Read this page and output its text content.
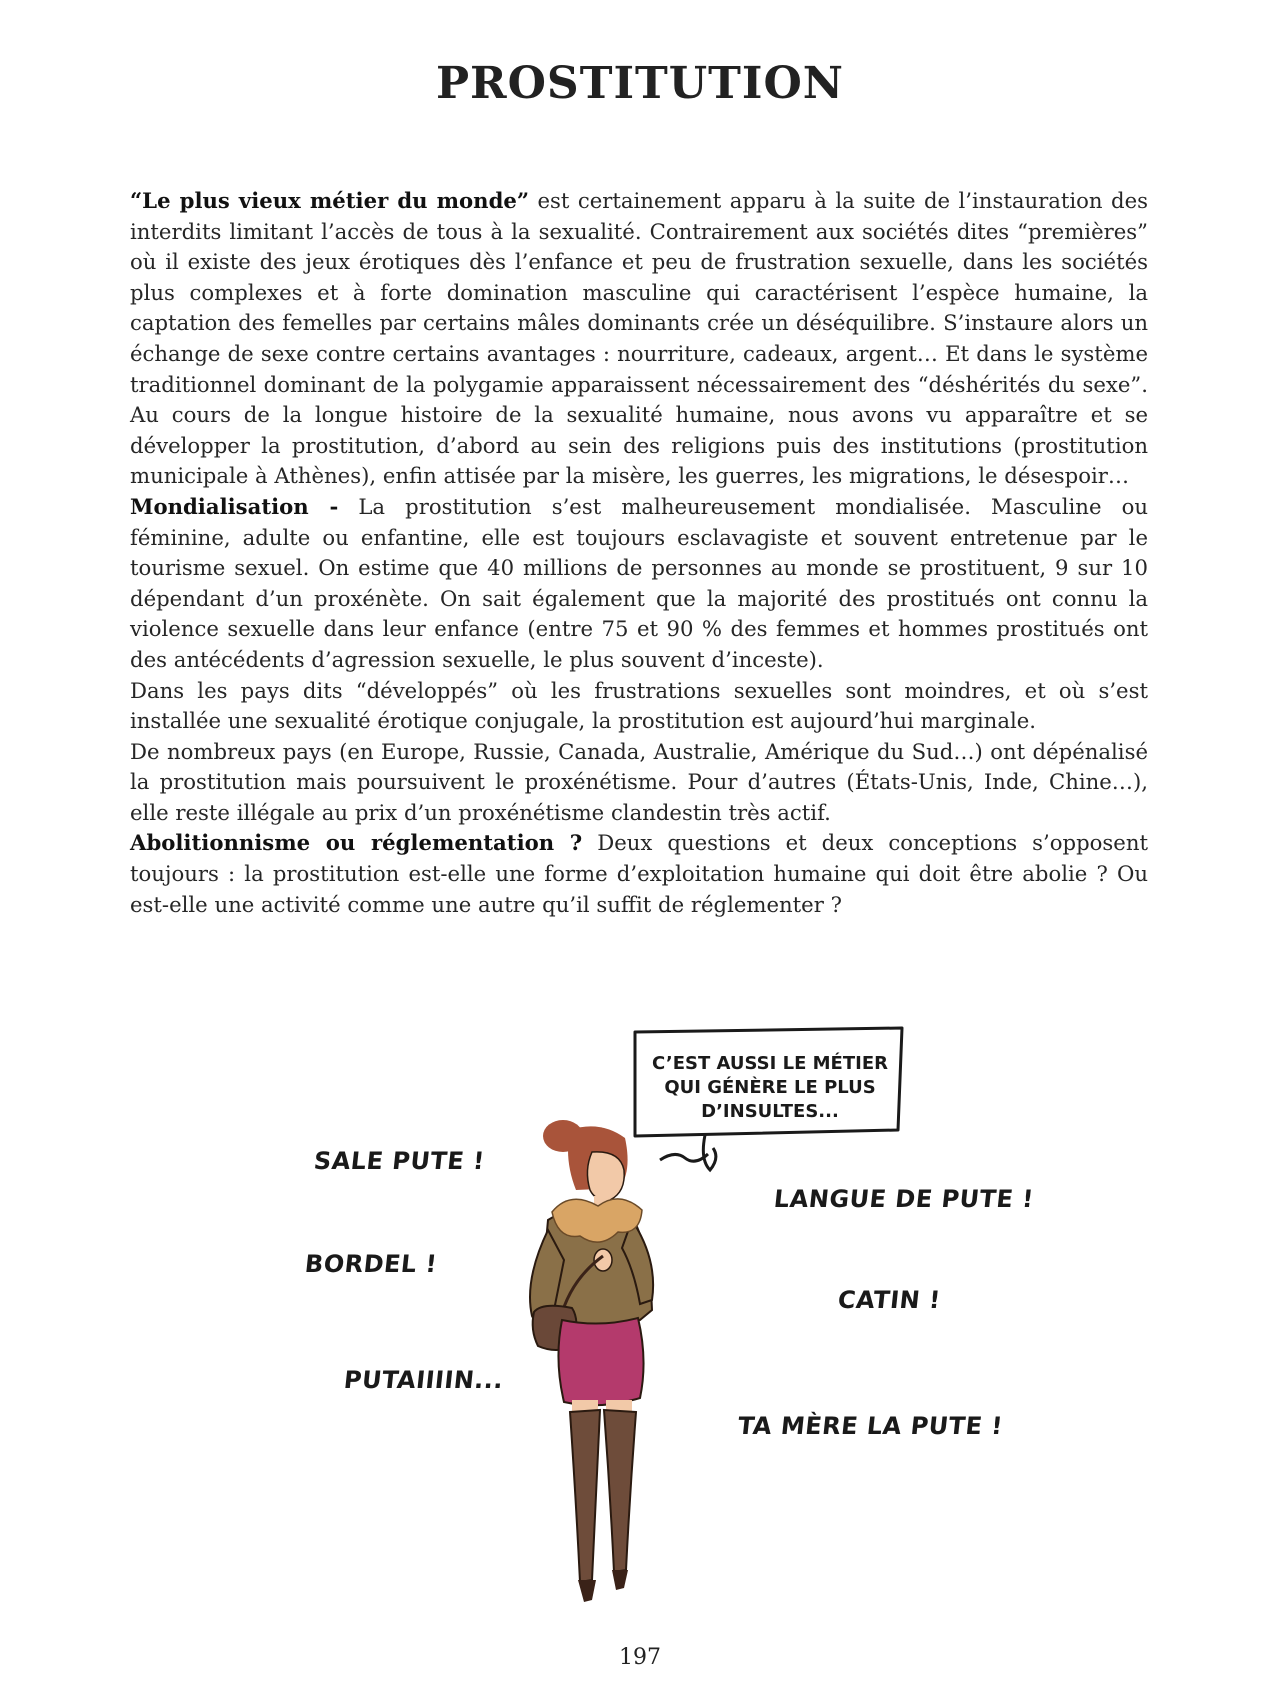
PROSTITUTION

“Le plus vieux métier du monde” est certainement apparu à la suite de l’instauration des interdits limitant l’accès de tous à la sexualité. Contrairement aux sociétés dites “premières” où il existe des jeux érotiques dès l’enfance et peu de frustration sexuelle, dans les sociétés plus complexes et à forte domination masculine qui caractérisent l’espèce humaine, la captation des femelles par certains mâles dominants crée un déséquilibre. S’instaure alors un échange de sexe contre certains avantages : nourriture, cadeaux, argent… Et dans le système traditionnel dominant de la polygamie apparaissent nécessairement des “déshérités du sexe”. Au cours de la longue histoire de la sexualité humaine, nous avons vu apparaître et se développer la prostitution, d’abord au sein des religions puis des institutions (prostitution municipale à Athènes), enfin attisée par la misère, les guerres, les migrations, le désespoir…

Mondialisation - La prostitution s’est malheureusement mondialisée. Masculine ou féminine, adulte ou enfantine, elle est toujours esclavagiste et souvent entretenue par le tourisme sexuel. On estime que 40 millions de personnes au monde se prostituent, 9 sur 10 dépendant d’un proxénète. On sait également que la majorité des prostitués ont connu la violence sexuelle dans leur enfance (entre 75 et 90 % des femmes et hommes prostitués ont des antécédents d’agression sexuelle, le plus souvent d’inceste).

Dans les pays dits “développés” où les frustrations sexuelles sont moindres, et où s’est installée une sexualité érotique conjugale, la prostitution est aujourd’hui marginale.

De nombreux pays (en Europe, Russie, Canada, Australie, Amérique du Sud…) ont dépénalisé la prostitution mais poursuivent le proxénétisme. Pour d’autres (États-Unis, Inde, Chine…), elle reste illégale au prix d’un proxénétisme clandestin très actif.

Abolitionnisme ou réglementation ? Deux questions et deux conceptions s’opposent toujours : la prostitution est-elle une forme d’exploitation humaine qui doit être abolie ? Ou est-elle une activité comme une autre qu’il suffit de réglementer ?

C’EST AUSSI LE MÉTIER
QUI GÉNÈRE LE PLUS
D’INSULTES...
SALE PUTE !
BORDEL !
PUTAIIIIN...
LANGUE DE PUTE !
CATIN !
TA MÈRE LA PUTE !
197
